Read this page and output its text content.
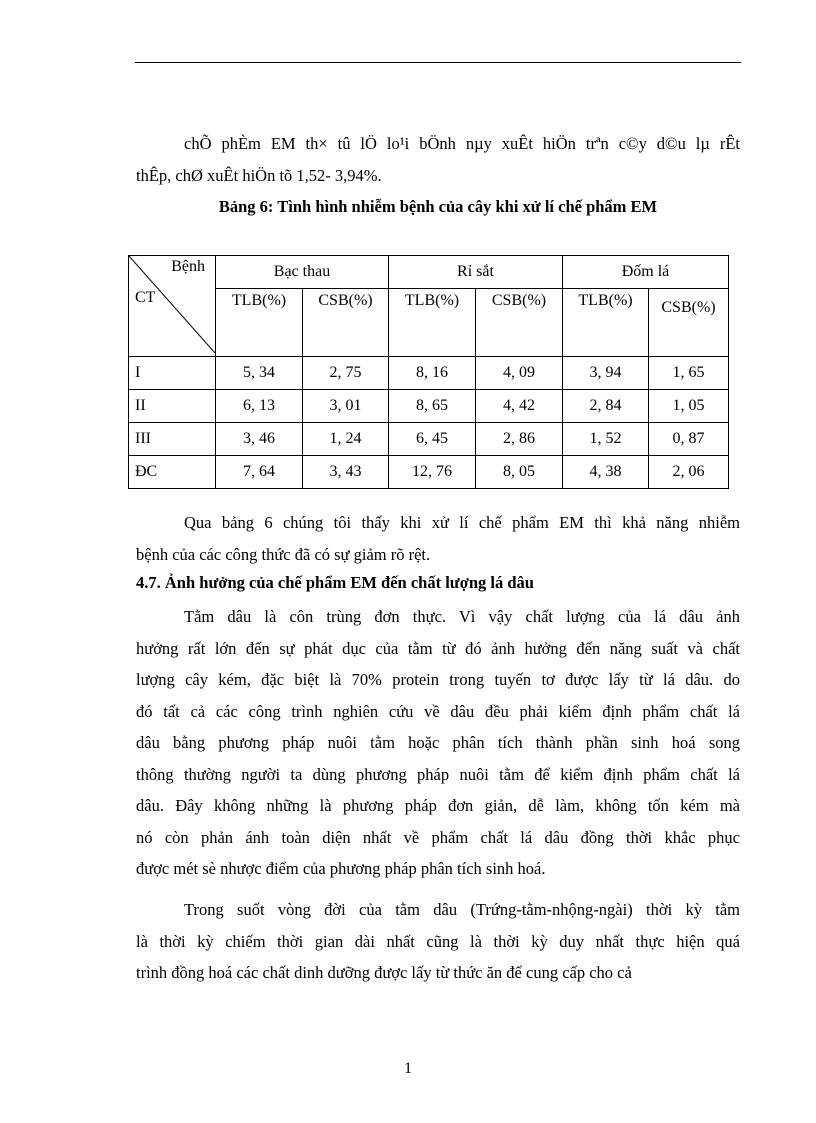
chÕ phÈm EM th× tû lÖ lo¹i bÖnh nµy xuÊt hiÖn trªn c©y d©u lµ rÊt
thÊp, chØ xuÊt hiÖn tõ 1,52- 3,94%.
Bảng 6: Tình hình nhiễm bệnh của cây khi xử lí chế phẩm EM
Bệnh
CT	Bạc thau		Rỉ sắt		Đốm lá	
	TLB(%)	CSB(%)	TLB(%)	CSB(%)	TLB(%)	CSB(%)
I	5, 34	2, 75	8, 16	4, 09	3, 94	1, 65
II	6, 13	3, 01	8, 65	4, 42	2, 84	1, 05
III	3, 46	1, 24	6, 45	2, 86	1, 52	0, 87
ĐC	7, 64	3, 43	12, 76	8, 05	4, 38	2, 06
Qua bảng 6 chúng tôi thấy khi xử lí chế phẩm EM thì khả năng nhiễm
bệnh của các công thức đã có sự giảm rõ rệt.
4.7. Ảnh hưởng của chế phẩm EM đến chất lượng lá dâu
Tằm dâu là côn trùng đơn thực. Vì vậy chất lượng của lá dâu ảnh
hưởng rất lớn đến sự phát dục của tằm từ đó ảnh hưởng đến năng suất và chất
lượng cây kém, đặc biệt là 70% protein trong tuyến tơ được lấy từ lá dâu. do
đó tất cả các công trình nghiên cứu về dâu đều phải kiểm định phẩm chất lá
dâu bằng phương pháp nuôi tằm hoặc phân tích thành phần sinh hoá song
thông thường người ta dùng phương pháp nuôi tằm để kiểm định phẩm chất lá
dâu. Đây không những là phương pháp đơn giản, dễ làm, không tốn kém mà
nó còn phản ánh toàn diện nhất về phẩm chất lá dâu đồng thời khắc phục
được mét sè nhược điểm của phương pháp phân tích sinh hoá.
Trong suốt vòng đời của tằm dâu (Trứng-tằm-nhộng-ngài) thời kỳ tằm
là thời kỳ chiếm thời gian dài nhất cũng là thời kỳ duy nhất thực hiện quá
trình đồng hoá các chất dinh dưỡng được lấy từ thức ăn để cung cấp cho cả
1
